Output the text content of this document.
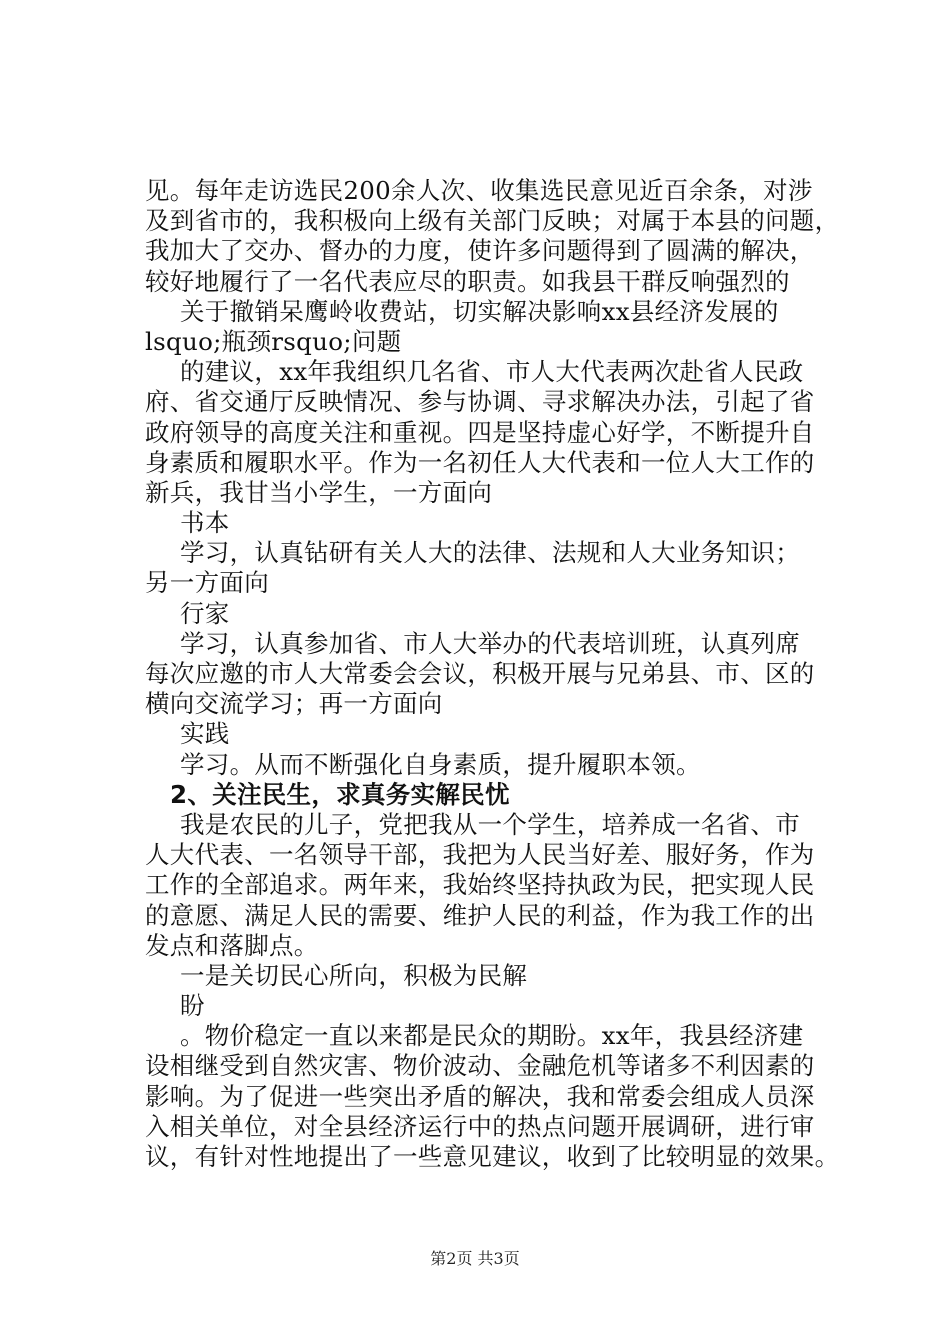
见。每年走访选民200余人次、收集选民意见近百余条，对涉
及到省市的，我积极向上级有关部门反映；对属于本县的问题，
我加大了交办、督办的力度，使许多问题得到了圆满的解决，
较好地履行了一名代表应尽的职责。如我县干群反响强烈的
关于撤销呆鹰岭收费站，切实解决影响xx县经济发展的
lsquo;瓶颈rsquo;问题
的建议，xx年我组织几名省、市人大代表两次赴省人民政
府、省交通厅反映情况、参与协调、寻求解决办法，引起了省
政府领导的高度关注和重视。四是坚持虚心好学，不断提升自
身素质和履职水平。作为一名初任人大代表和一位人大工作的
新兵，我甘当小学生，一方面向
书本
学习，认真钻研有关人大的法律、法规和人大业务知识；
另一方面向
行家
学习，认真参加省、市人大举办的代表培训班，认真列席
每次应邀的市人大常委会会议，积极开展与兄弟县、市、区的
横向交流学习；再一方面向
实践
学习。从而不断强化自身素质，提升履职本领。
2、关注民生，求真务实解民忧
我是农民的儿子，党把我从一个学生，培养成一名省、市
人大代表、一名领导干部，我把为人民当好差、服好务，作为
工作的全部追求。两年来，我始终坚持执政为民，把实现人民
的意愿、满足人民的需要、维护人民的利益，作为我工作的出
发点和落脚点。
一是关切民心所向，积极为民解
盼
。物价稳定一直以来都是民众的期盼。xx年，我县经济建
设相继受到自然灾害、物价波动、金融危机等诸多不利因素的
影响。为了促进一些突出矛盾的解决，我和常委会组成人员深
入相关单位，对全县经济运行中的热点问题开展调研，进行审
议，有针对性地提出了一些意见建议，收到了比较明显的效果。
第2页 共3页
